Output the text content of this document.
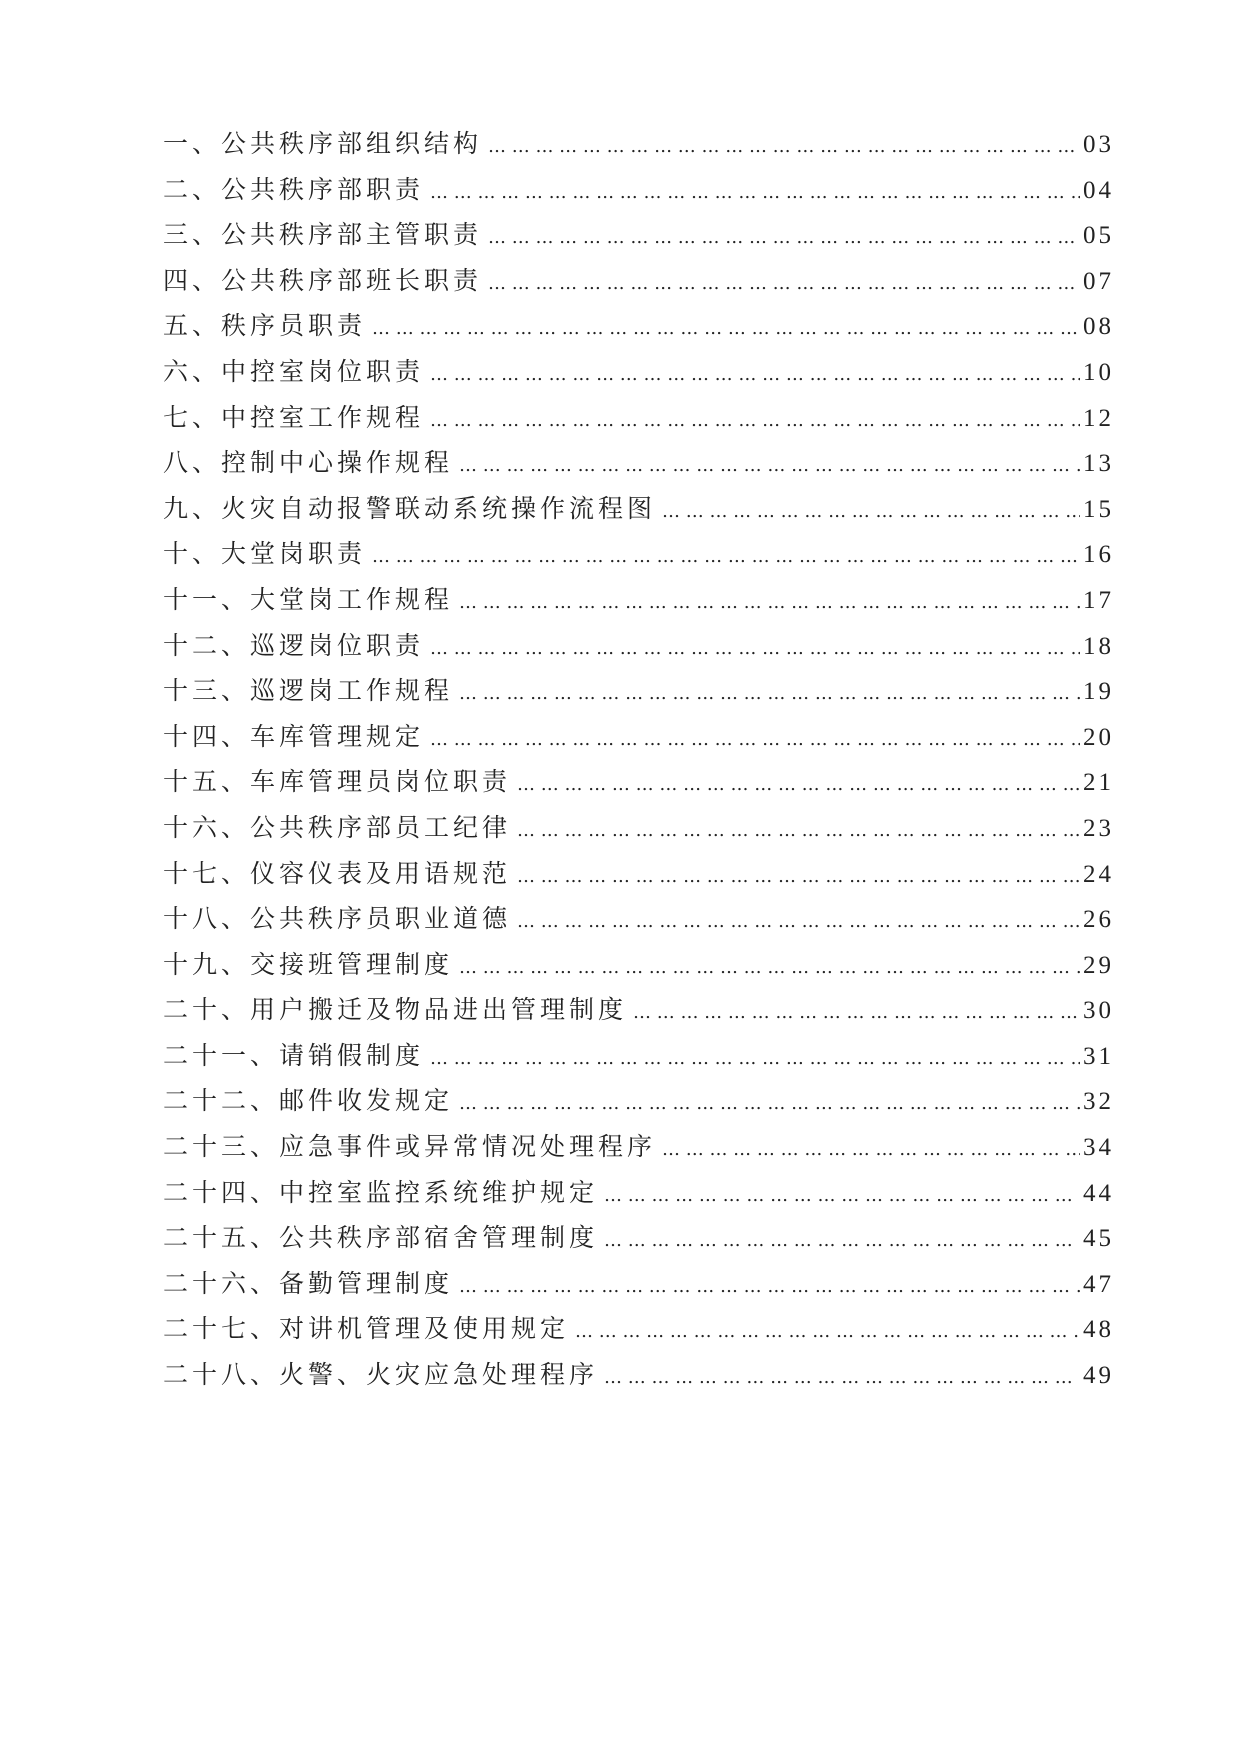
一、公共秩序部组织结构 … … … … … … … … … … … … … … … … … … … … … … … … … … … … … … … … … … … … … … … … … … … … … … … … … … … … … … … … … … … … … … …	03
二、公共秩序部职责 … … … … … … … … … … … … … … … … … … … … … … … … … … … … … … … … … … … … … … … … … … … … … … … … … … … … … … … … … … … … … … …	04
三、公共秩序部主管职责 … … … … … … … … … … … … … … … … … … … … … … … … … … … … … … … … … … … … … … … … … … … … … … … … … … … … … … … … … … … … … … …	05
四、公共秩序部班长职责 … … … … … … … … … … … … … … … … … … … … … … … … … … … … … … … … … … … … … … … … … … … … … … … … … … … … … … … … … … … … … … …	07
五、秩序员职责 … … … … … … … … … … … … … … … … … … … … … … … … … … … … … … … … … … … … … … … … … … … … … … … … … … … … … … … … … … … … … … …	08
六、中控室岗位职责 … … … … … … … … … … … … … … … … … … … … … … … … … … … … … … … … … … … … … … … … … … … … … … … … … … … … … … … … … … … … … … …	10
七、中控室工作规程 … … … … … … … … … … … … … … … … … … … … … … … … … … … … … … … … … … … … … … … … … … … … … … … … … … … … … … … … … … … … … … …	12
八、控制中心操作规程 … … … … … … … … … … … … … … … … … … … … … … … … … … … … … … … … … … … … … … … … … … … … … … … … … … … … … … … … … … … … … … …	13
九、火灾自动报警联动系统操作流程图 … … … … … … … … … … … … … … … … … … … … … … … … … … … … … … … … … … … … … … … … … … … … … … … … … … … … … … … … … … … … … … …	15
十、大堂岗职责 … … … … … … … … … … … … … … … … … … … … … … … … … … … … … … … … … … … … … … … … … … … … … … … … … … … … … … … … … … … … … … …	16
十一、大堂岗工作规程 … … … … … … … … … … … … … … … … … … … … … … … … … … … … … … … … … … … … … … … … … … … … … … … … … … … … … … … … … … … … … … …	17
十二、巡逻岗位职责 … … … … … … … … … … … … … … … … … … … … … … … … … … … … … … … … … … … … … … … … … … … … … … … … … … … … … … … … … … … … … … …	18
十三、巡逻岗工作规程 … … … … … … … … … … … … … … … … … … … … … … … … … … … … … … … … … … … … … … … … … … … … … … … … … … … … … … … … … … … … … … …	19
十四、车库管理规定 … … … … … … … … … … … … … … … … … … … … … … … … … … … … … … … … … … … … … … … … … … … … … … … … … … … … … … … … … … … … … … …	20
十五、车库管理员岗位职责 … … … … … … … … … … … … … … … … … … … … … … … … … … … … … … … … … … … … … … … … … … … … … … … … … … … … … … … … … … … … … … …	21
十六、公共秩序部员工纪律 … … … … … … … … … … … … … … … … … … … … … … … … … … … … … … … … … … … … … … … … … … … … … … … … … … … … … … … … … … … … … … …	23
十七、仪容仪表及用语规范 … … … … … … … … … … … … … … … … … … … … … … … … … … … … … … … … … … … … … … … … … … … … … … … … … … … … … … … … … … … … … … …	24
十八、公共秩序员职业道德 … … … … … … … … … … … … … … … … … … … … … … … … … … … … … … … … … … … … … … … … … … … … … … … … … … … … … … … … … … … … … … …	26
十九、交接班管理制度 … … … … … … … … … … … … … … … … … … … … … … … … … … … … … … … … … … … … … … … … … … … … … … … … … … … … … … … … … … … … … … …	29
二十、用户搬迁及物品进出管理制度 … … … … … … … … … … … … … … … … … … … … … … … … … … … … … … … … … … … … … … … … … … … … … … … … … … … … … … … … … … … … … … …	30
二十一、请销假制度 … … … … … … … … … … … … … … … … … … … … … … … … … … … … … … … … … … … … … … … … … … … … … … … … … … … … … … … … … … … … … … …	31
二十二、邮件收发规定 … … … … … … … … … … … … … … … … … … … … … … … … … … … … … … … … … … … … … … … … … … … … … … … … … … … … … … … … … … … … … … …	32
二十三、应急事件或异常情况处理程序 … … … … … … … … … … … … … … … … … … … … … … … … … … … … … … … … … … … … … … … … … … … … … … … … … … … … … … … … … … … … … … …	34
二十四、中控室监控系统维护规定 … … … … … … … … … … … … … … … … … … … … … … … … … … … … … … … … … … … … … … … … … … … … … … … … … … … … … … … … … … … … … … …	44
二十五、公共秩序部宿舍管理制度 … … … … … … … … … … … … … … … … … … … … … … … … … … … … … … … … … … … … … … … … … … … … … … … … … … … … … … … … … … … … … … …	45
二十六、备勤管理制度 … … … … … … … … … … … … … … … … … … … … … … … … … … … … … … … … … … … … … … … … … … … … … … … … … … … … … … … … … … … … … … …	47
二十七、对讲机管理及使用规定 … … … … … … … … … … … … … … … … … … … … … … … … … … … … … … … … … … … … … … … … … … … … … … … … … … … … … … … … … … … … … … …	48
二十八、火警、火灾应急处理程序 … … … … … … … … … … … … … … … … … … … … … … … … … … … … … … … … … … … … … … … … … … … … … … … … … … … … … … … … … … … … … … …	49
